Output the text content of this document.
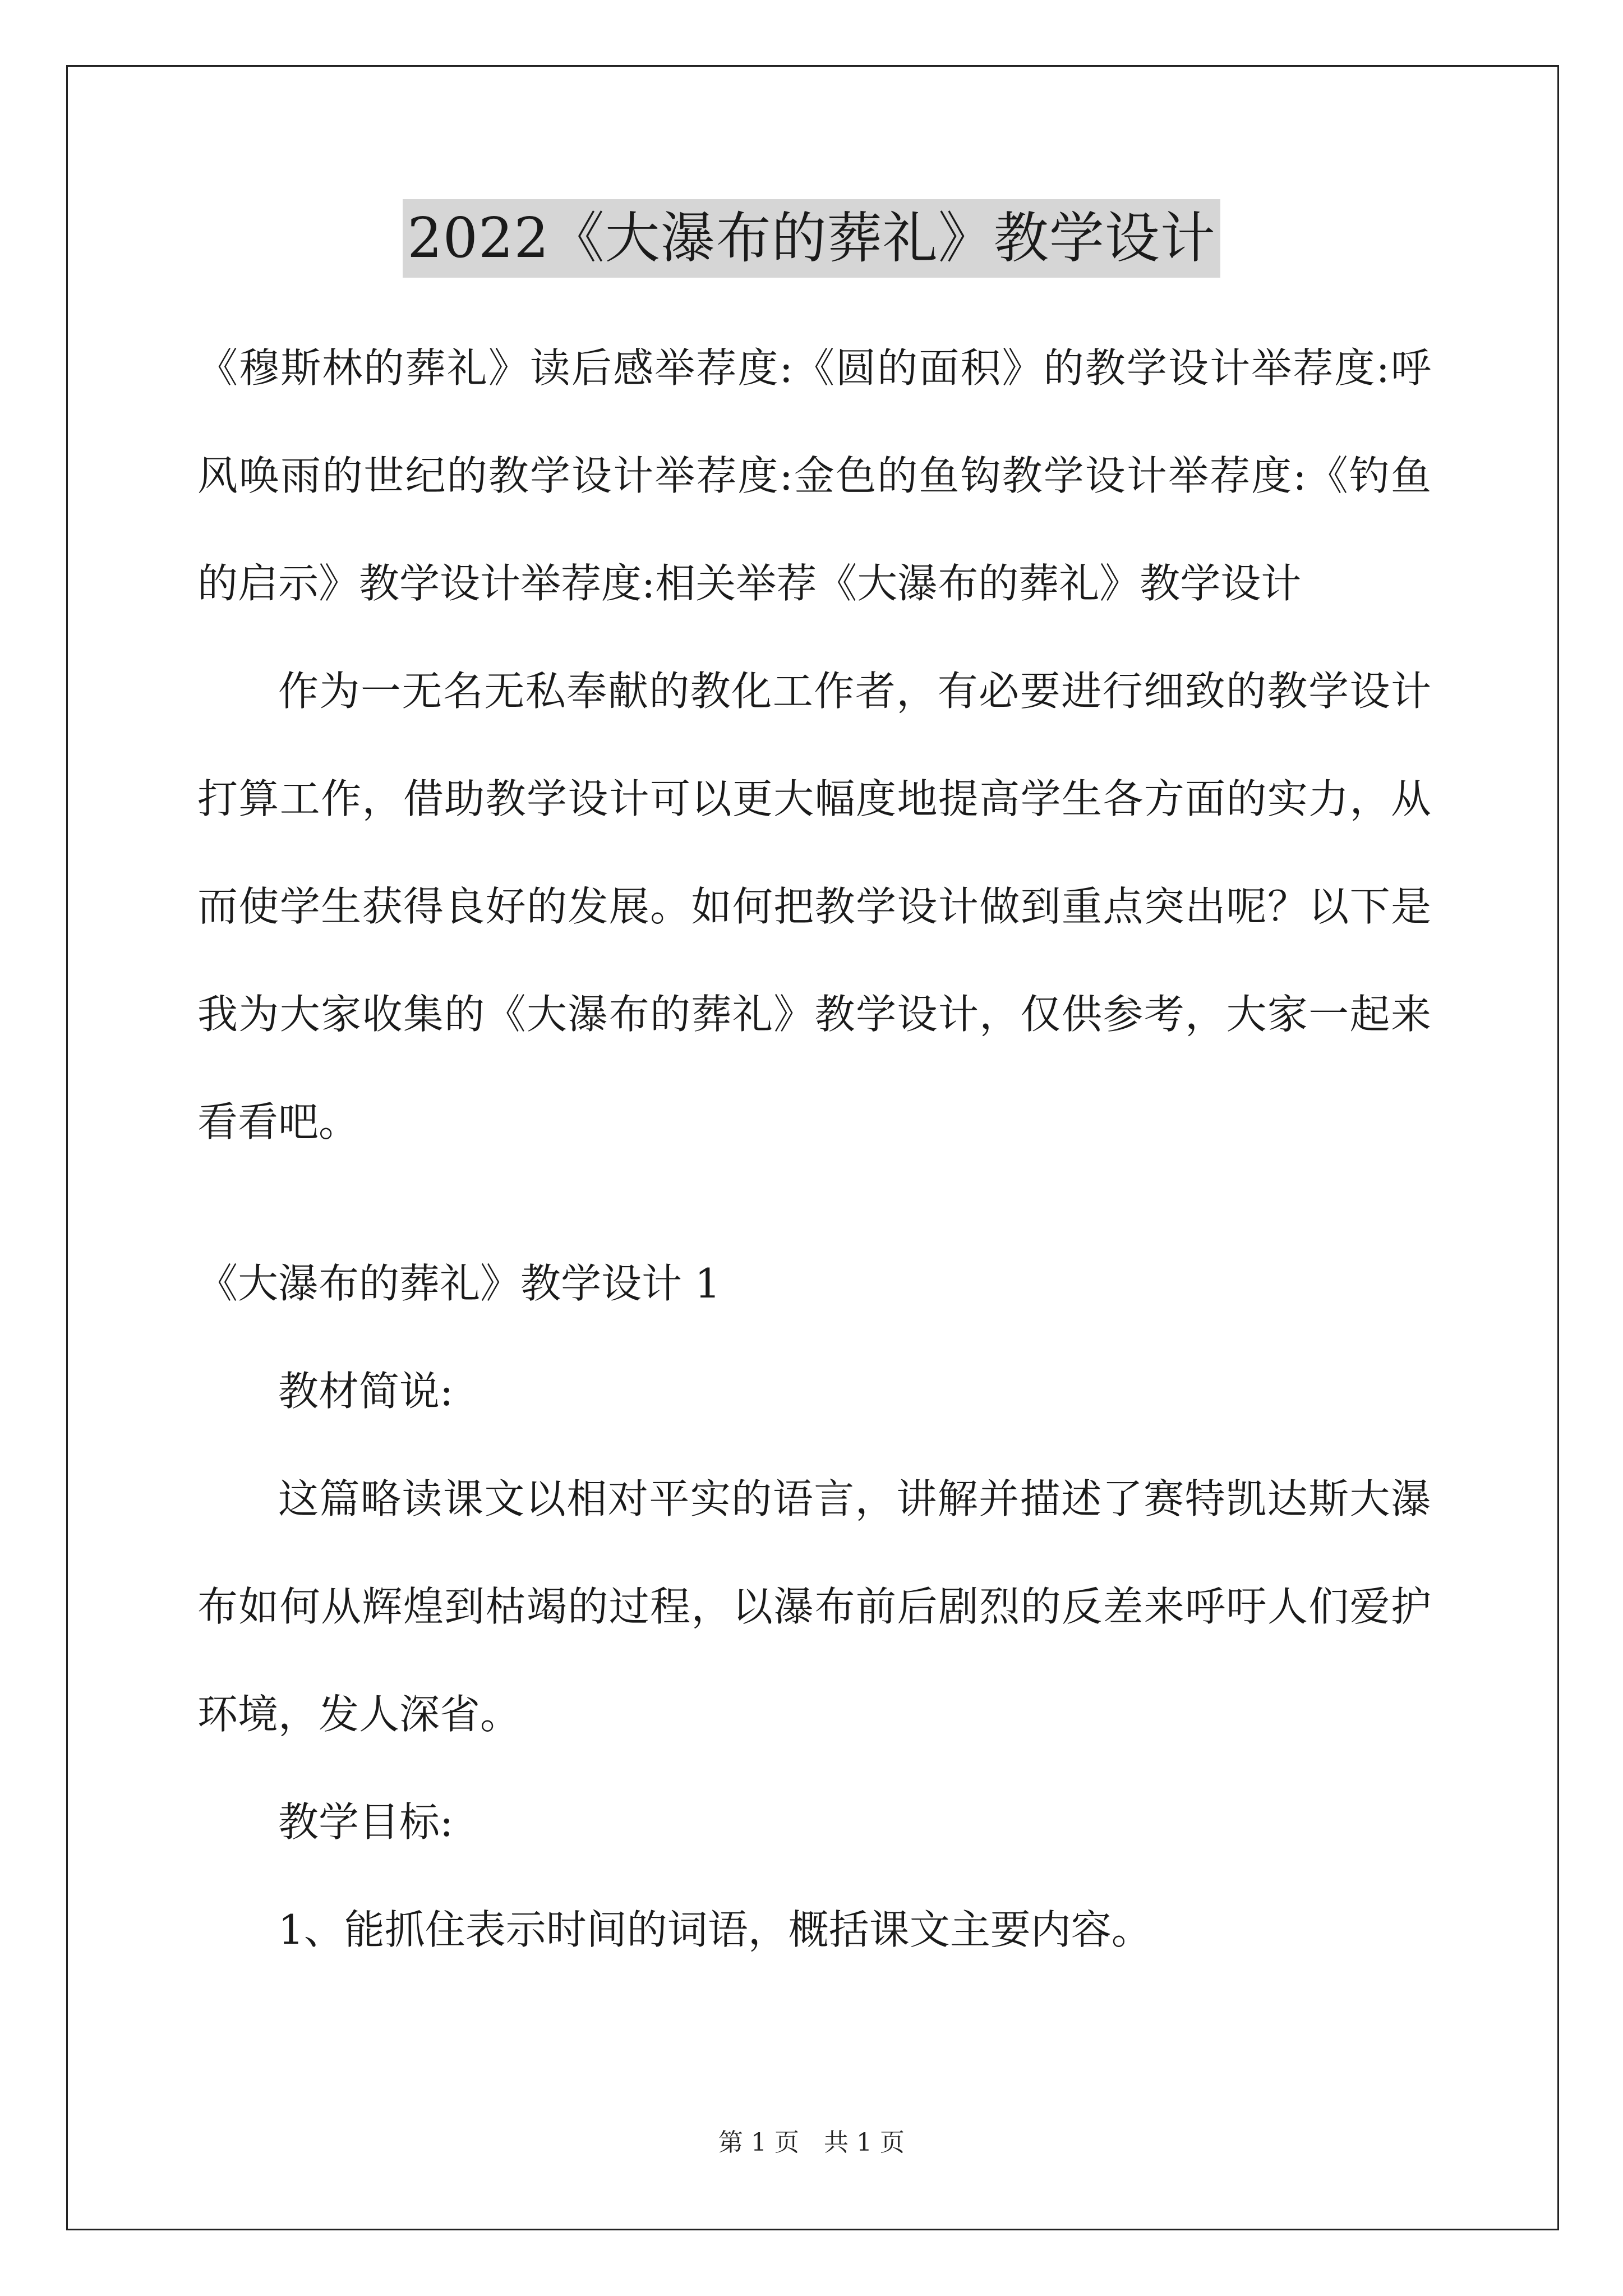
2022《大瀑布的葬礼》教学设计

《穆斯林的葬礼》读后感举荐度:《圆的面积》的教学设计举荐度:呼风唤雨的世纪的教学设计举荐度:金色的鱼钩教学设计举荐度:《钓鱼的启示》教学设计举荐度:相关举荐《大瀑布的葬礼》教学设计

作为一无名无私奉献的教化工作者，有必要进行细致的教学设计打算工作，借助教学设计可以更大幅度地提高学生各方面的实力，从而使学生获得良好的发展。如何把教学设计做到重点突出呢？以下是我为大家收集的《大瀑布的葬礼》教学设计，仅供参考，大家一起来看看吧。

《大瀑布的葬礼》教学设计 1

教材简说:

这篇略读课文以相对平实的语言，讲解并描述了赛特凯达斯大瀑布如何从辉煌到枯竭的过程，以瀑布前后剧烈的反差来呼吁人们爱护环境，发人深省。

教学目标:

1、能抓住表示时间的词语，概括课文主要内容。

第 1 页　共 1 页
